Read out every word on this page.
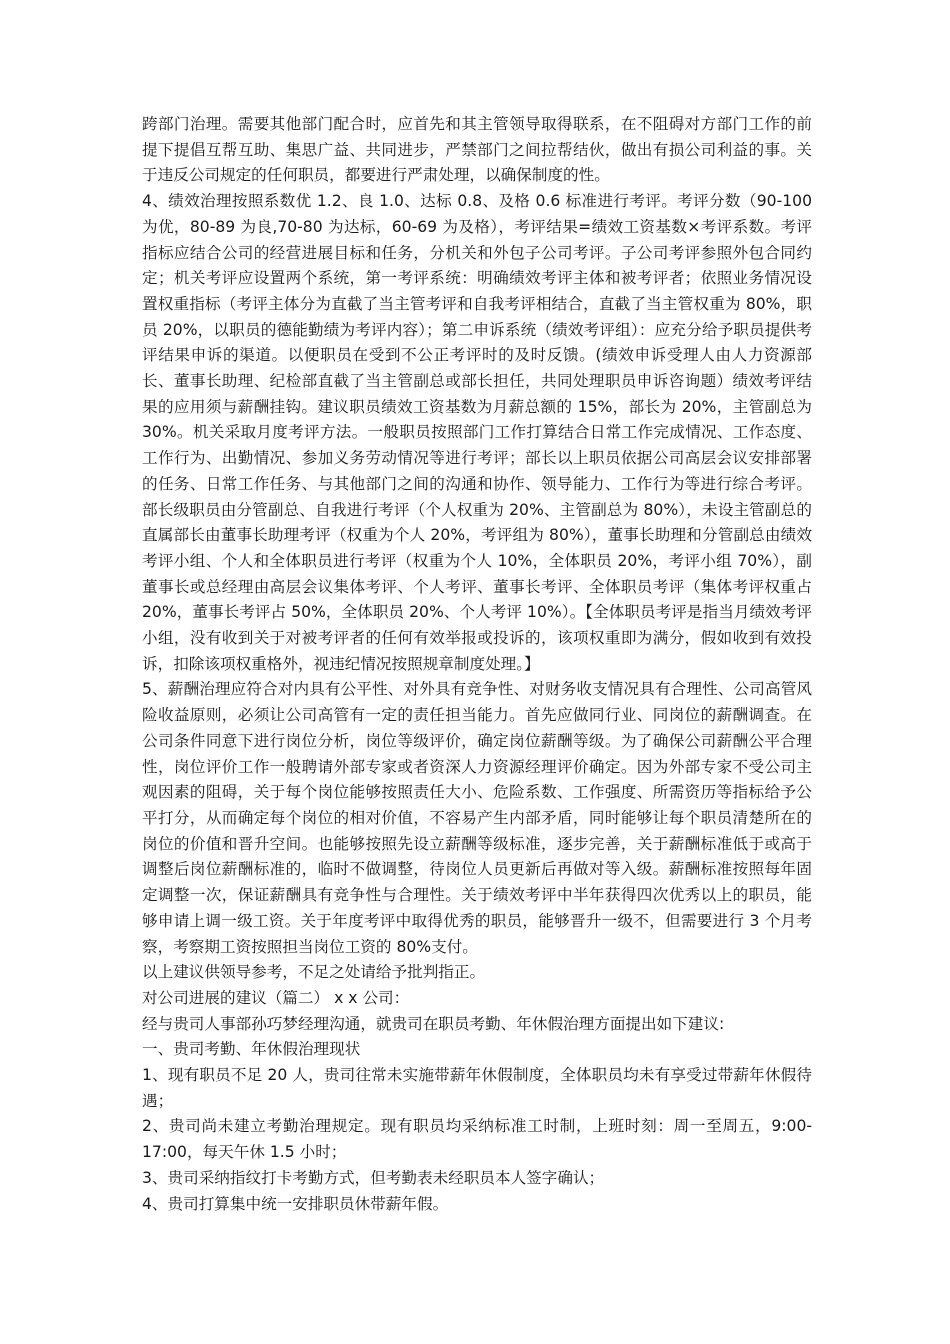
跨部门治理。需要其他部门配合时，应首先和其主管领导取得联系，在不阻碍对方部门工作的前提下提倡互帮互助、集思广益、共同进步，严禁部门之间拉帮结伙，做出有损公司利益的事。关于违反公司规定的任何职员，都要进行严肃处理，以确保制度的性。

4、绩效治理按照系数优 1.2、良 1.0、达标 0.8、及格 0.6 标准进行考评。考评分数（90-100 为优，80-89 为良,70-80 为达标，60-69 为及格），考评结果=绩效工资基数×考评系数。考评指标应结合公司的经营进展目标和任务，分机关和外包子公司考评。子公司考评参照外包合同约定；机关考评应设置两个系统，第一考评系统：明确绩效考评主体和被考评者；依照业务情况设置权重指标（考评主体分为直截了当主管考评和自我考评相结合，直截了当主管权重为 80%，职员 20%，以职员的德能勤绩为考评内容）；第二申诉系统（绩效考评组）：应充分给予职员提供考评结果申诉的渠道。以便职员在受到不公正考评时的及时反馈。(绩效申诉受理人由人力资源部长、董事长助理、纪检部直截了当主管副总或部长担任，共同处理职员申诉咨询题）绩效考评结果的应用须与薪酬挂钩。建议职员绩效工资基数为月薪总额的 15%，部长为 20%，主管副总为 30%。机关采取月度考评方法。一般职员按照部门工作打算结合日常工作完成情况、工作态度、工作行为、出勤情况、参加义务劳动情况等进行考评；部长以上职员依据公司高层会议安排部署的任务、日常工作任务、与其他部门之间的沟通和协作、领导能力、工作行为等进行综合考评。部长级职员由分管副总、自我进行考评（个人权重为 20%、主管副总为 80%），未设主管副总的直属部长由董事长助理考评（权重为个人 20%，考评组为 80%），董事长助理和分管副总由绩效考评小组、个人和全体职员进行考评（权重为个人 10%，全体职员 20%，考评小组 70%），副董事长或总经理由高层会议集体考评、个人考评、董事长考评、全体职员考评（集体考评权重占 20%，董事长考评占 50%，全体职员 20%、个人考评 10%）。【全体职员考评是指当月绩效考评小组，没有收到关于对被考评者的任何有效举报或投诉的，该项权重即为满分，假如收到有效投诉，扣除该项权重格外，视违纪情况按照规章制度处理。】

5、薪酬治理应符合对内具有公平性、对外具有竞争性、对财务收支情况具有合理性、公司高管风险收益原则，必须让公司高管有一定的责任担当能力。首先应做同行业、同岗位的薪酬调查。在公司条件同意下进行岗位分析，岗位等级评价，确定岗位薪酬等级。为了确保公司薪酬公平合理性，岗位评价工作一般聘请外部专家或者资深人力资源经理评价确定。因为外部专家不受公司主观因素的阻碍，关于每个岗位能够按照责任大小、危险系数、工作强度、所需资历等指标给予公平打分，从而确定每个岗位的相对价值，不容易产生内部矛盾，同时能够让每个职员清楚所在的岗位的价值和晋升空间。也能够按照先设立薪酬等级标准，逐步完善，关于薪酬标准低于或高于调整后岗位薪酬标准的，临时不做调整，待岗位人员更新后再做对等入级。薪酬标准按照每年固定调整一次，保证薪酬具有竞争性与合理性。关于绩效考评中半年获得四次优秀以上的职员，能够申请上调一级工资。关于年度考评中取得优秀的职员，能够晋升一级不，但需要进行 3 个月考察，考察期工资按照担当岗位工资的 80%支付。

以上建议供领导参考，不足之处请给予批判指正。

对公司进展的建议（篇二） x x 公司：

经与贵司人事部孙巧梦经理沟通，就贵司在职员考勤、年休假治理方面提出如下建议:

一、贵司考勤、年休假治理现状

1、现有职员不足 20 人，贵司往常未实施带薪年休假制度，全体职员均未有享受过带薪年休假待遇；

2、贵司尚未建立考勤治理规定。现有职员均采纳标准工时制，上班时刻：周一至周五，9:00-17:00，每天午休 1.5 小时；

3、贵司采纳指纹打卡考勤方式，但考勤表未经职员本人签字确认；

4、贵司打算集中统一安排职员休带薪年假。
